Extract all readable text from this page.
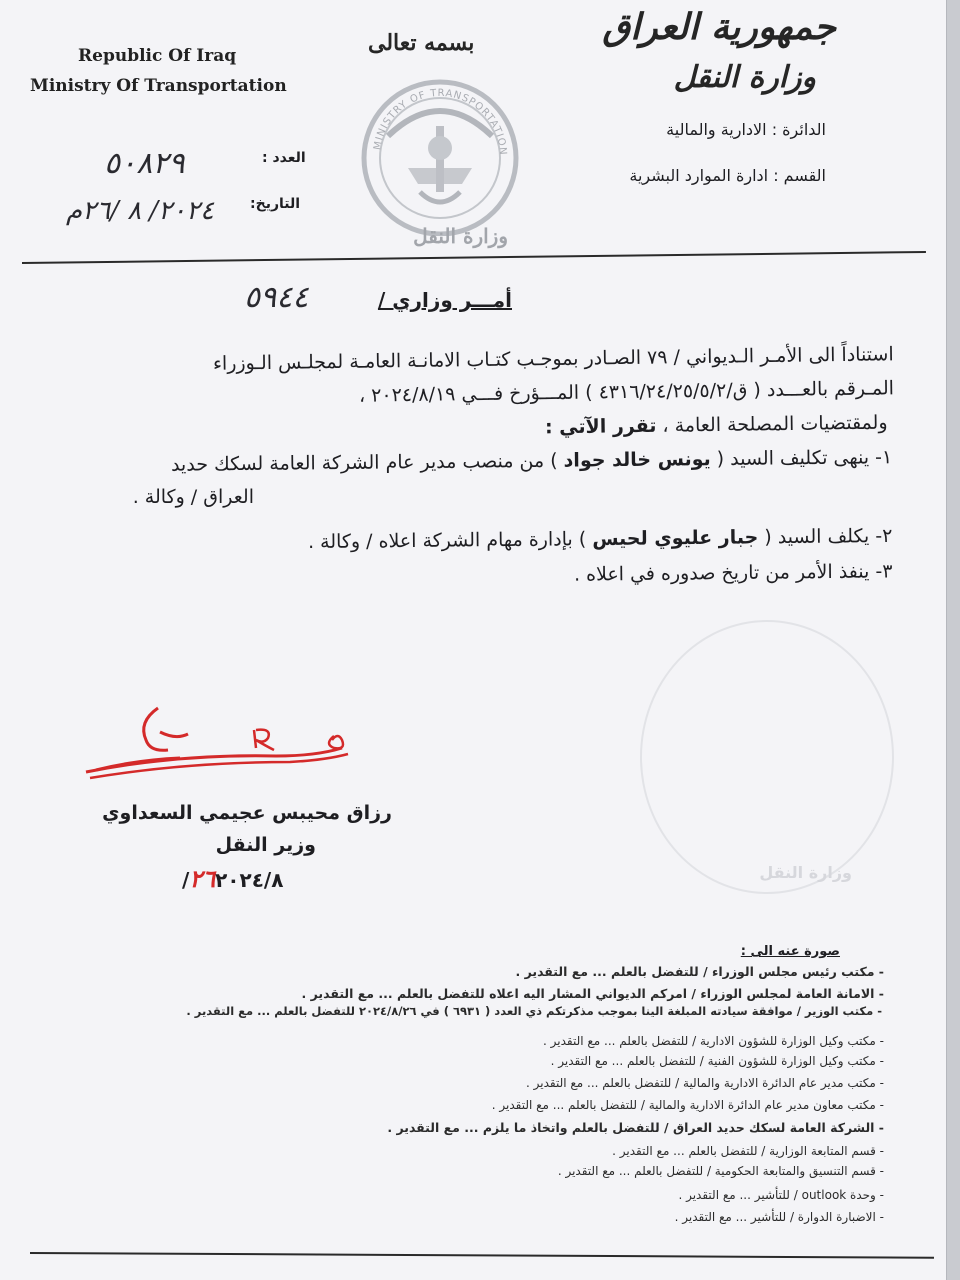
Republic Of Iraq
Ministry Of Transportation
بسمه تعالى	جمهورية العراق
وزارة النقل
الدائرة : الادارية والمالية
القسم : ادارة الموارد البشرية
MINISTRY OF TRANSPORTATION
وزارة النقل
العدد :
٥٠٨٢٩
التاريخ:
٢٠٢٤/ ٨ /٢٦م
أمـــر وزاري /
٥٩٤٤
استناداً الى الأمـر الـديواني / ٧٩ الصـادر بموجـب كتـاب الامانـة العامـة لمجلـس الـوزراء
المـرقم بالعـــدد ( ق/٤٣١٦/٢٤/٢٥/٥/٢ ) المـــؤرخ فـــي ٢٠٢٤/٨/١٩ ،
ولمقتضيات المصلحة العامة ، تقرر الآتي :
١- ينهى تكليف السيد ( يونس خالد جواد ) من منصب مدير عام الشركة العامة لسكك حديد
العراق / وكالة .
٢- يكلف السيد ( جبار عليوي لحيس ) بإدارة مهام الشركة اعلاه / وكالة .
٣- ينفذ الأمر من تاريخ صدوره في اعلاه .
وزارة النقل
رزاق محيبس عجيمي السعداوي
وزير النقل
٢٦٢٠٢٤/٨/
صورة عنه الى :
- مكتب رئيس مجلس الوزراء / للتفضل بالعلم ... مع التقدير .
- الامانة العامة لمجلس الوزراء / امركم الديواني المشار اليه اعلاه للتفضل بالعلم ... مع التقدير .
- مكتب الوزير / موافقة سيادته المبلغة الينا بموجب مذكرتكم ذي العدد ( ٦٩٣١ ) في ٢٠٢٤/٨/٢٦ للتفضل بالعلم ... مع التقدير .
- مكتب وكيل الوزارة للشؤون الادارية / للتفضل بالعلم ... مع التقدير .
- مكتب وكيل الوزارة للشؤون الفنية / للتفضل بالعلم ... مع التقدير .
- مكتب مدير عام الدائرة الادارية والمالية / للتفضل بالعلم ... مع التقدير .
- مكتب معاون مدير عام الدائرة الادارية والمالية / للتفضل بالعلم ... مع التقدير .
- الشركة العامة لسكك حديد العراق / للتفضل بالعلم واتخاذ ما يلزم ... مع التقدير .
- قسم المتابعة الوزارية / للتفضل بالعلم ... مع التقدير .
- قسم التنسيق والمتابعة الحكومية / للتفضل بالعلم ... مع التقدير .
- وحدة outlook / للتأشير ... مع التقدير .
- الاضبارة الدوارة / للتأشير ... مع التقدير .
